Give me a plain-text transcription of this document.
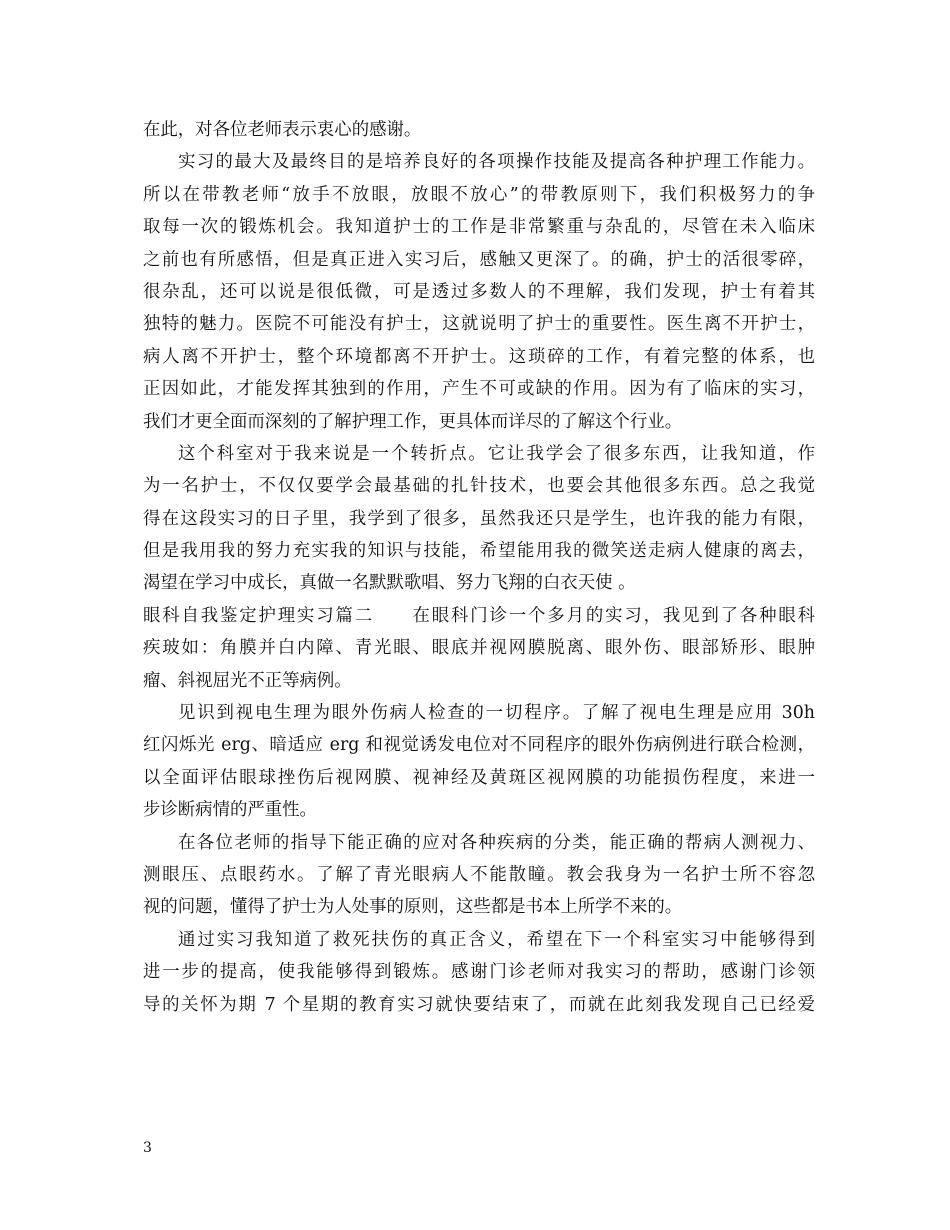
在此，对各位老师表示衷心的感谢。
实习的最大及最终目的是培养良好的各项操作技能及提高各种护理工作能力。
所以在带教老师“放手不放眼，放眼不放心”的带教原则下，我们积极努力的争
取每一次的锻炼机会。我知道护士的工作是非常繁重与杂乱的，尽管在未入临床
之前也有所感悟，但是真正进入实习后，感触又更深了。的确，护士的活很零碎，
很杂乱，还可以说是很低微，可是透过多数人的不理解，我们发现，护士有着其
独特的魅力。医院不可能没有护士，这就说明了护士的重要性。医生离不开护士，
病人离不开护士，整个环境都离不开护士。这琐碎的工作，有着完整的体系，也
正因如此，才能发挥其独到的作用，产生不可或缺的作用。因为有了临床的实习，
我们才更全面而深刻的了解护理工作，更具体而详尽的了解这个行业。
这个科室对于我来说是一个转折点。它让我学会了很多东西，让我知道，作
为一名护士，不仅仅要学会最基础的扎针技术，也要会其他很多东西。总之我觉
得在这段实习的日子里，我学到了很多，虽然我还只是学生，也许我的能力有限，
但是我用我的努力充实我的知识与技能，希望能用我的微笑送走病人健康的离去，
渴望在学习中成长，真做一名默默歌唱、努力飞翔的白衣天使 。
眼科自我鉴定护理实习篇二　　在眼科门诊一个多月的实习，我见到了各种眼科
疾玻如：角膜并白内障、青光眼、眼底并视网膜脱离、眼外伤、眼部矫形、眼肿
瘤、斜视屈光不正等病例。
见识到视电生理为眼外伤病人检查的一切程序。了解了视电生理是应用 30h
红闪烁光 erg、暗适应 erg 和视觉诱发电位对不同程序的眼外伤病例进行联合检测，
以全面评估眼球挫伤后视网膜、视神经及黄斑区视网膜的功能损伤程度，来进一
步诊断病情的严重性。
在各位老师的指导下能正确的应对各种疾病的分类，能正确的帮病人测视力、
测眼压、点眼药水。了解了青光眼病人不能散瞳。教会我身为一名护士所不容忽
视的问题，懂得了护士为人处事的原则，这些都是书本上所学不来的。
通过实习我知道了救死扶伤的真正含义，希望在下一个科室实习中能够得到
进一步的提高，使我能够得到锻炼。感谢门诊老师对我实习的帮助，感谢门诊领
导的关怀为期 7 个星期的教育实习就快要结束了，而就在此刻我发现自己已经爱
3
